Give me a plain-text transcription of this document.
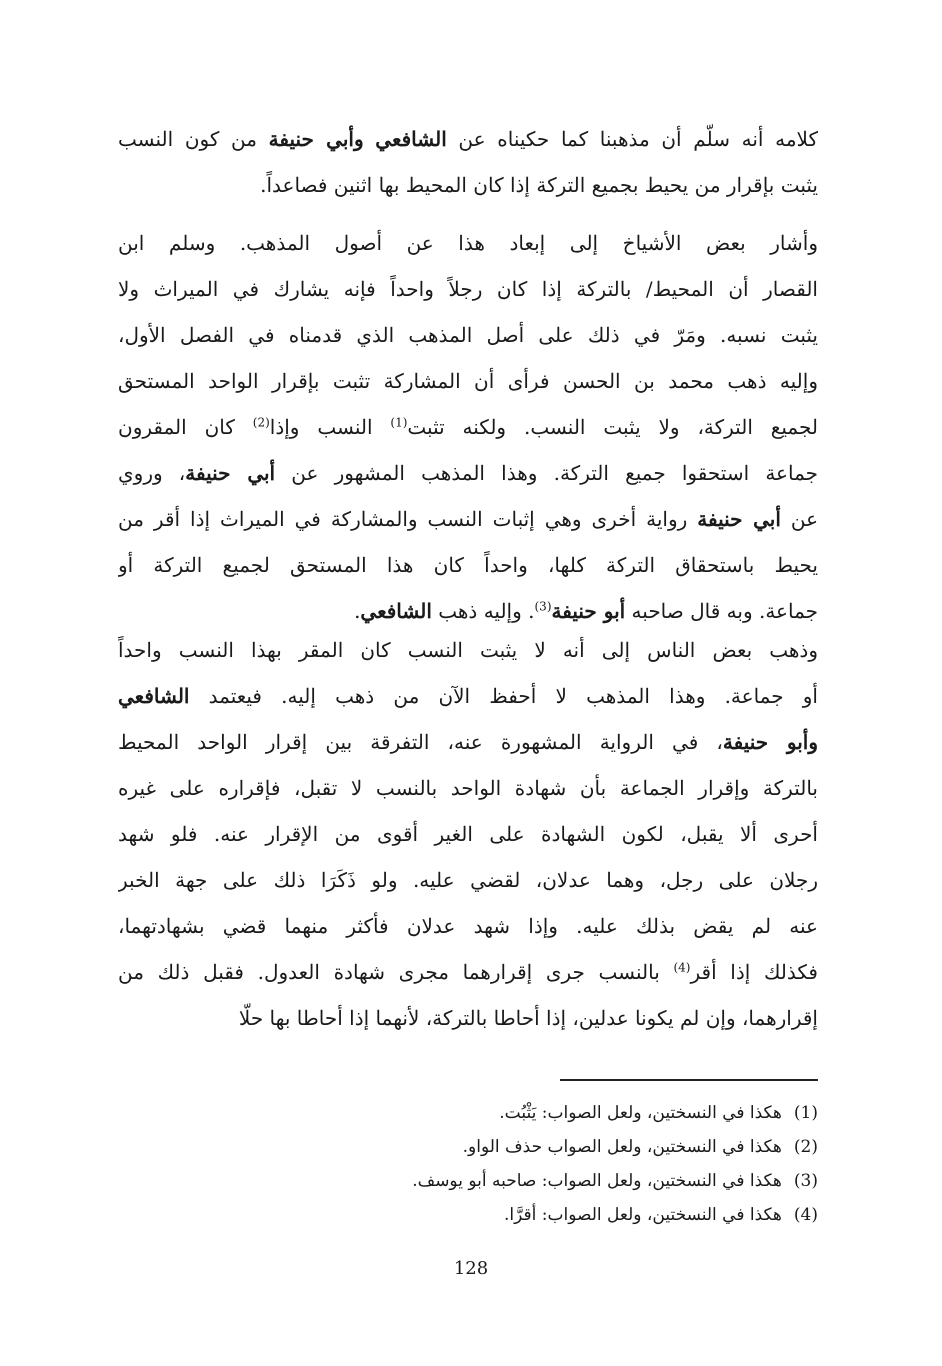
كلامه أنه سلّم أن مذهبنا كما حكيناه عن الشافعي وأبي حنيفة من كون النسب
يثبت بإقرار من يحيط بجميع التركة إذا كان المحيط بها اثنين فصاعداً.
وأشار بعض الأشياخ إلى إبعاد هذا عن أصول المذهب. وسلم ابن
القصار أن المحيط/ بالتركة إذا كان رجلاً واحداً فإنه يشارك في الميراث ولا
يثبت نسبه. ومَرّ في ذلك على أصل المذهب الذي قدمناه في الفصل الأول،
وإليه ذهب محمد بن الحسن فرأى أن المشاركة تثبت بإقرار الواحد المستحق
لجميع التركة، ولا يثبت النسب. ولكنه تثبت$^{(1)}$ النسب وإذا$^{(2)}$ كان المقرون
جماعة استحقوا جميع التركة. وهذا المذهب المشهور عن أبي حنيفة، وروي
عن أبي حنيفة رواية أخرى وهي إثبات النسب والمشاركة في الميراث إذا أقر من
يحيط باستحقاق التركة كلها، واحداً كان هذا المستحق لجميع التركة أو
جماعة. وبه قال صاحبه أبو حنيفة$^{(3)}$. وإليه ذهب الشافعي.
وذهب بعض الناس إلى أنه لا يثبت النسب كان المقر بهذا النسب واحداً
أو جماعة. وهذا المذهب لا أحفظ الآن من ذهب إليه. فيعتمد الشافعي
وأبو حنيفة، في الرواية المشهورة عنه، التفرقة بين إقرار الواحد المحيط
بالتركة وإقرار الجماعة بأن شهادة الواحد بالنسب لا تقبل، فإقراره على غيره
أحرى ألا يقبل، لكون الشهادة على الغير أقوى من الإقرار عنه. فلو شهد
رجلان على رجل، وهما عدلان، لقضي عليه. ولو ذَكَرَا ذلك على جهة الخبر
عنه لم يقض بذلك عليه. وإذا شهد عدلان فأكثر منهما قضي بشهادتهما،
فكذلك إذا أقر$^{(4)}$ بالنسب جرى إقرارهما مجرى شهادة العدول. فقبل ذلك من
إقرارهما، وإن لم يكونا عدلين، إذا أحاطا بالتركة، لأنهما إذا أحاطا بها حلّا
(1)هكذا في النسختين، ولعل الصواب: يَثْبُت.
(2)هكذا في النسختين، ولعل الصواب حذف الواو.
(3)هكذا في النسختين، ولعل الصواب: صاحبه أبو يوسف.
(4)هكذا في النسختين، ولعل الصواب: أقرَّا.
128
